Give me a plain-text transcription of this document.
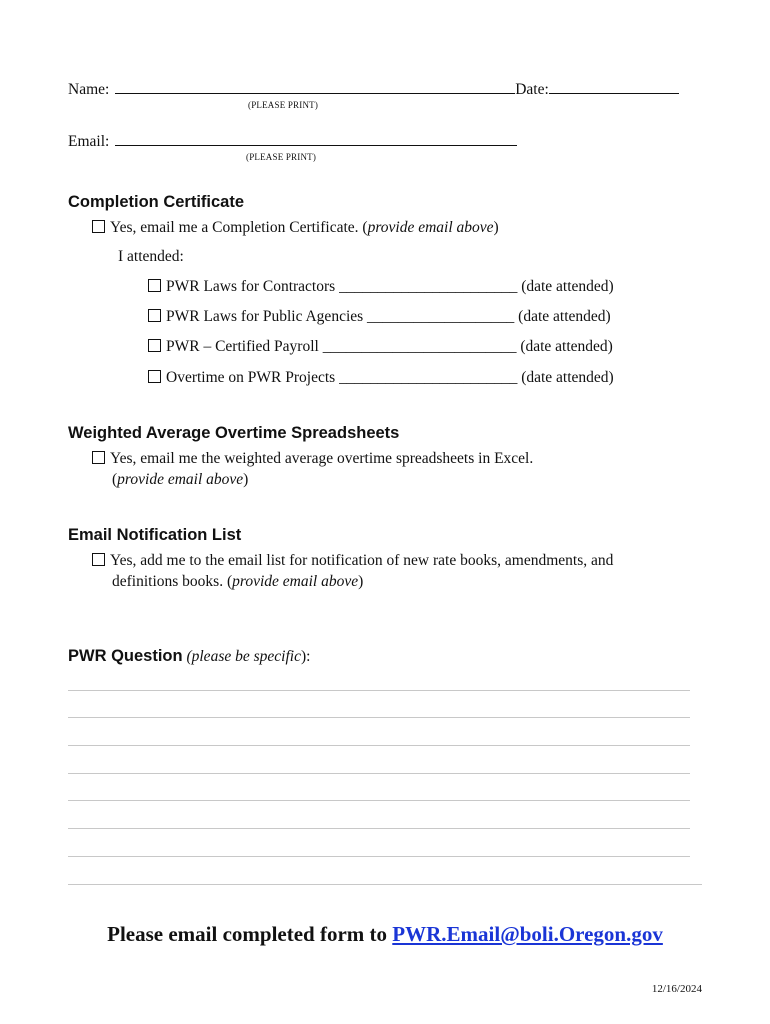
Name:	Date:
(PLEASE PRINT)
Email:
(PLEASE PRINT)
Completion Certificate
Yes, email me a Completion Certificate. (provide email above)
I attended:
PWR Laws for Contractors _______________________ (date attended)
PWR Laws for Public Agencies ___________________ (date attended)
PWR – Certified Payroll _________________________ (date attended)
Overtime on PWR Projects _______________________ (date attended)
Weighted Average Overtime Spreadsheets
Yes, email me the weighted average overtime spreadsheets in Excel.
(provide email above)
Email Notification List
Yes, add me to the email list for notification of new rate books, amendments, and
definitions books. (provide email above)
PWR Question (please be specific):
Please email completed form to PWR.Email@boli.Oregon.gov
12/16/2024
